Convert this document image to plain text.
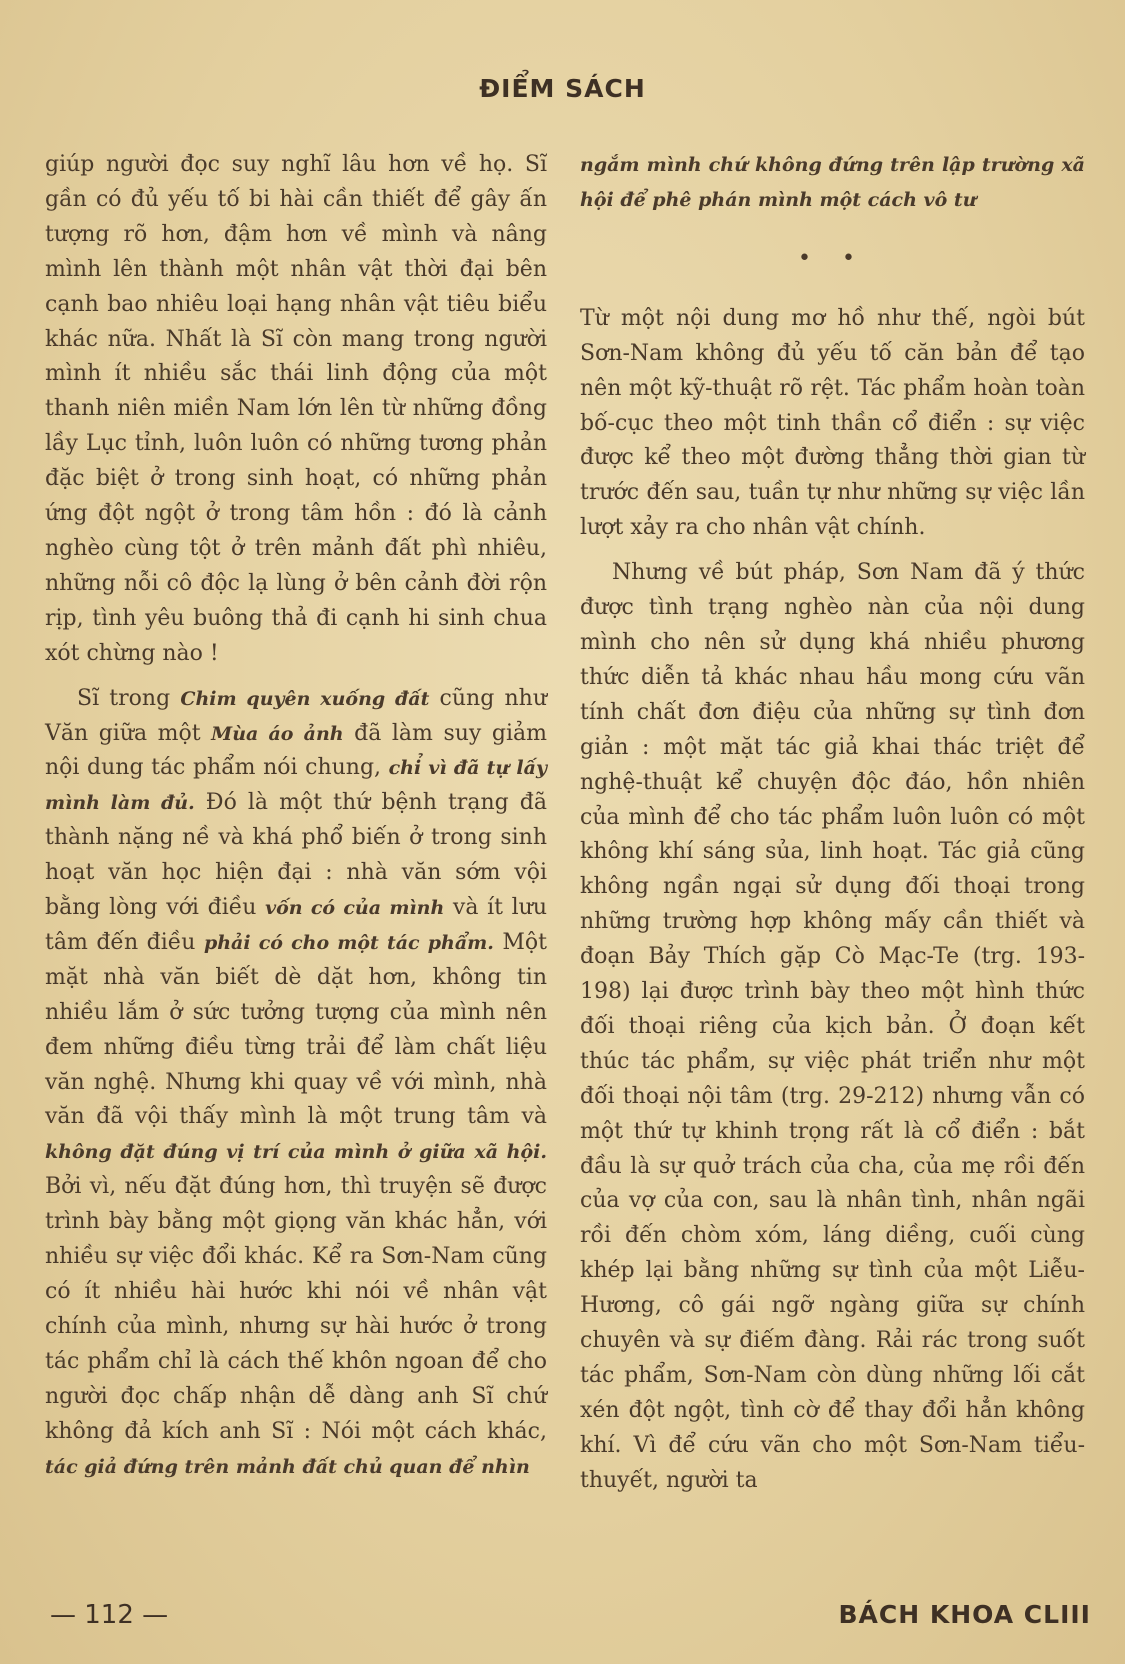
ĐIỂM SÁCH

giúp người đọc suy nghĩ lâu hơn về họ. Sĩ gần có đủ yếu tố bi hài cần thiết để gây ấn tượng rõ hơn, đậm hơn về mình và nâng mình lên thành một nhân vật thời đại bên cạnh bao nhiêu loại hạng nhân vật tiêu biểu khác nữa. Nhất là Sĩ còn mang trong người mình ít nhiều sắc thái linh động của một thanh niên miền Nam lớn lên từ những đồng lầy Lục tỉnh, luôn luôn có những tương phản đặc biệt ở trong sinh hoạt, có những phản ứng đột ngột ở trong tâm hồn : đó là cảnh nghèo cùng tột ở trên mảnh đất phì nhiêu, những nỗi cô độc lạ lùng ở bên cảnh đời rộn rịp, tình yêu buông thả đi cạnh hi sinh chua xót chừng nào !

Sĩ trong Chim quyên xuống đất cũng như Văn giữa một Mùa áo ảnh đã làm suy giảm nội dung tác phẩm nói chung, chỉ vì đã tự lấy mình làm đủ. Đó là một thứ bệnh trạng đã thành nặng nề và khá phổ biến ở trong sinh hoạt văn học hiện đại : nhà văn sớm vội bằng lòng với điều vốn có của mình và ít lưu tâm đến điều phải có cho một tác phẩm. Một mặt nhà văn biết dè dặt hơn, không tin nhiều lắm ở sức tưởng tượng của mình nên đem những điều từng trải để làm chất liệu văn nghệ. Nhưng khi quay về với mình, nhà văn đã vội thấy mình là một trung tâm và không đặt đúng vị trí của mình ở giữa xã hội. Bởi vì, nếu đặt đúng hơn, thì truyện sẽ được trình bày bằng một giọng văn khác hẳn, với nhiều sự việc đổi khác. Kể ra Sơn-Nam cũng có ít nhiều hài hước khi nói về nhân vật chính của mình, nhưng sự hài hước ở trong tác phẩm chỉ là cách thế khôn ngoan để cho người đọc chấp nhận dễ dàng anh Sĩ chứ không đả kích anh Sĩ : Nói một cách khác, tác giả đứng trên mảnh đất chủ quan để nhìn

ngắm mình chứ không đứng trên lập trường xã hội để phê phán mình một cách vô tư

• •

Từ một nội dung mơ hồ như thế, ngòi bút Sơn-Nam không đủ yếu tố căn bản để tạo nên một kỹ-thuật rõ rệt. Tác phẩm hoàn toàn bố-cục theo một tinh thần cổ điển : sự việc được kể theo một đường thẳng thời gian từ trước đến sau, tuần tự như những sự việc lần lượt xảy ra cho nhân vật chính.

Nhưng về bút pháp, Sơn Nam đã ý thức được tình trạng nghèo nàn của nội dung mình cho nên sử dụng khá nhiều phương thức diễn tả khác nhau hầu mong cứu vãn tính chất đơn điệu của những sự tình đơn giản : một mặt tác giả khai thác triệt để nghệ-thuật kể chuyện độc đáo, hồn nhiên của mình để cho tác phẩm luôn luôn có một không khí sáng sủa, linh hoạt. Tác giả cũng không ngần ngại sử dụng đối thoại trong những trường hợp không mấy cần thiết và đoạn Bảy Thích gặp Cò Mạc-Te (trg. 193-198) lại được trình bày theo một hình thức đối thoại riêng của kịch bản. Ở đoạn kết thúc tác phẩm, sự việc phát triển như một đối thoại nội tâm (trg. 29-212) nhưng vẫn có một thứ tự khinh trọng rất là cổ điển : bắt đầu là sự quở trách của cha, của mẹ rồi đến của vợ của con, sau là nhân tình, nhân ngãi rồi đến chòm xóm, láng diềng, cuối cùng khép lại bằng những sự tình của một Liễu-Hương, cô gái ngỡ ngàng giữa sự chính chuyên và sự điếm đàng. Rải rác trong suốt tác phẩm, Sơn-Nam còn dùng những lối cắt xén đột ngột, tình cờ để thay đổi hẳn không khí. Vì để cứu vãn cho một Sơn-Nam tiểu-thuyết, người ta

— 112 —	BÁCH KHOA CLIII
